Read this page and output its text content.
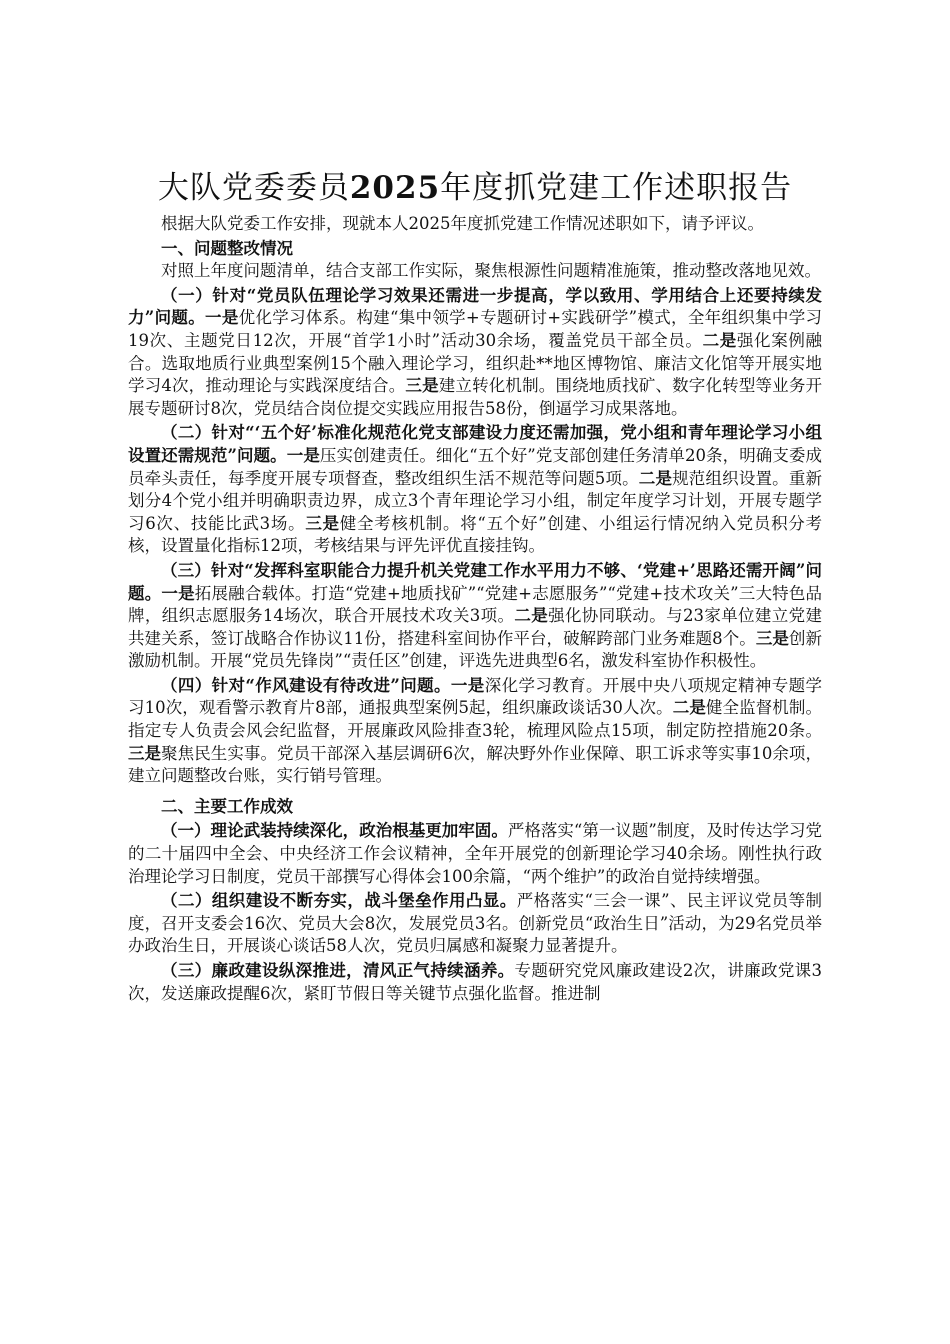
大队党委委员2025年度抓党建工作述职报告

根据大队党委工作安排，现就本人2025年度抓党建工作情况述职如下，请予评议。

一、问题整改情况

对照上年度问题清单，结合支部工作实际，聚焦根源性问题精准施策，推动整改落地见效。

（一）针对“党员队伍理论学习效果还需进一步提高，学以致用、学用结合上还要持续发力”问题。一是优化学习体系。构建“集中领学+专题研讨+实践研学”模式，全年组织集中学习19次、主题党日12次，开展“首学1小时”活动30余场，覆盖党员干部全员。二是强化案例融合。选取地质行业典型案例15个融入理论学习，组织赴**地区博物馆、廉洁文化馆等开展实地学习4次，推动理论与实践深度结合。三是建立转化机制。围绕地质找矿、数字化转型等业务开展专题研讨8次，党员结合岗位提交实践应用报告58份，倒逼学习成果落地。

（二）针对“‘五个好’标准化规范化党支部建设力度还需加强，党小组和青年理论学习小组设置还需规范”问题。一是压实创建责任。细化“五个好”党支部创建任务清单20条，明确支委成员牵头责任，每季度开展专项督查，整改组织生活不规范等问题5项。二是规范组织设置。重新划分4个党小组并明确职责边界，成立3个青年理论学习小组，制定年度学习计划，开展专题学习6次、技能比武3场。三是健全考核机制。将“五个好”创建、小组运行情况纳入党员积分考核，设置量化指标12项，考核结果与评先评优直接挂钩。

（三）针对“发挥科室职能合力提升机关党建工作水平用力不够、‘党建+’思路还需开阔”问题。一是拓展融合载体。打造“党建+地质找矿”“党建+志愿服务”“党建+技术攻关”三大特色品牌，组织志愿服务14场次，联合开展技术攻关3项。二是强化协同联动。与23家单位建立党建共建关系，签订战略合作协议11份，搭建科室间协作平台，破解跨部门业务难题8个。三是创新激励机制。开展“党员先锋岗”“责任区”创建，评选先进典型6名，激发科室协作积极性。

（四）针对“作风建设有待改进”问题。一是深化学习教育。开展中央八项规定精神专题学习10次，观看警示教育片8部，通报典型案例5起，组织廉政谈话30人次。二是健全监督机制。指定专人负责会风会纪监督，开展廉政风险排查3轮，梳理风险点15项，制定防控措施20条。三是聚焦民生实事。党员干部深入基层调研6次，解决野外作业保障、职工诉求等实事10余项，建立问题整改台账，实行销号管理。

二、主要工作成效

（一）理论武装持续深化，政治根基更加牢固。严格落实“第一议题”制度，及时传达学习党的二十届四中全会、中央经济工作会议精神，全年开展党的创新理论学习40余场。刚性执行政治理论学习日制度，党员干部撰写心得体会100余篇，“两个维护”的政治自觉持续增强。

（二）组织建设不断夯实，战斗堡垒作用凸显。严格落实“三会一课”、民主评议党员等制度，召开支委会16次、党员大会8次，发展党员3名。创新党员“政治生日”活动，为29名党员举办政治生日，开展谈心谈话58人次，党员归属感和凝聚力显著提升。

（三）廉政建设纵深推进，清风正气持续涵养。专题研究党风廉政建设2次，讲廉政党课3次，发送廉政提醒6次，紧盯节假日等关键节点强化监督。推进制
